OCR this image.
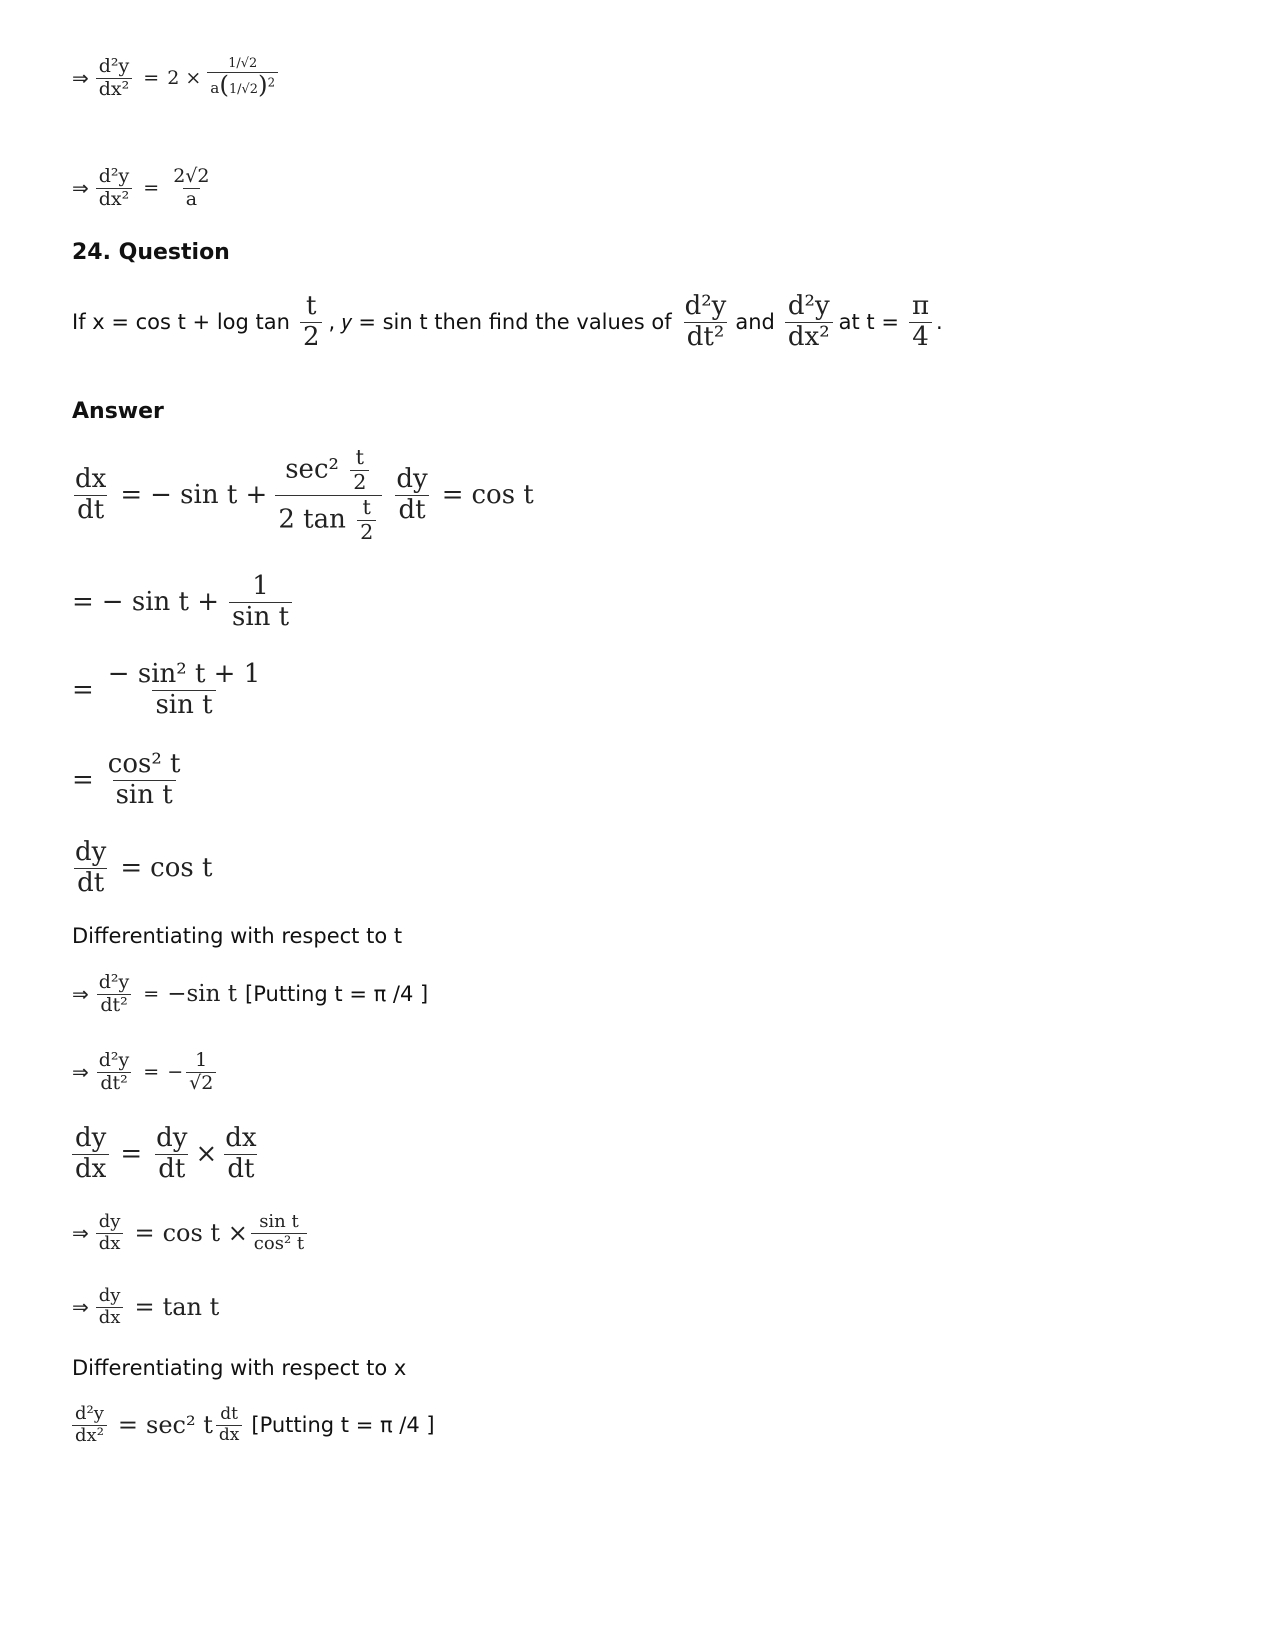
⇒ $\frac{\text{d²y}}{\text{dx²}} = 2 \times \frac{1/√2}{a(1/√2)^2}$
⇒ $\frac{\text{d²y}}{\text{dx²}} = \frac{2√2}{a}$
24. Question
If $x = \cos t + \log \tan \frac{t}{2}$ , 𝑦 = sin t then find the values of $\frac{\text{d²y}}{\text{dt²}}$ and $\frac{\text{d²y}}{\text{dx²}}$ at $t = \frac{\pi}{4}$ .
Answer
$\frac{dx}{dt}$ = − $\sin t + \frac{\sec^2 \frac{t}{2}}{2 \tan \frac{t}{2}} \frac{dy}{dt} = \cos t$
= − $\sin t + \frac{1}{\text{sin t}}$
= $\frac{\text{− sin² t + 1}}{\text{sin t}}$
= $\frac{\text{cos² t}}{\text{sin t}}$
$\frac{dy}{dt} = \cos t$
Differentiating with respect to t
⇒ $\frac{\text{d²y}}{\text{dt²}} = -\sin$ t [Putting t = π /4 ]
⇒ $\frac{\text{d²y}}{\text{dt²}}$ = − $\frac{1}{√2}$
$\frac{dy}{dx} = \frac{dy}{dt} \times \frac{dx}{dt}$
⇒ $\frac{dy}{dx} = \cos t \times \frac{\text{sin t}}{\text{cos² t}}$
⇒ $\frac{dy}{dx} = \tan t$
Differentiating with respect to x
$\frac{\text{d²y}}{\text{dx²}} = \sec^2$ t $\frac{dt}{dx}$ [Putting t = π /4 ]
